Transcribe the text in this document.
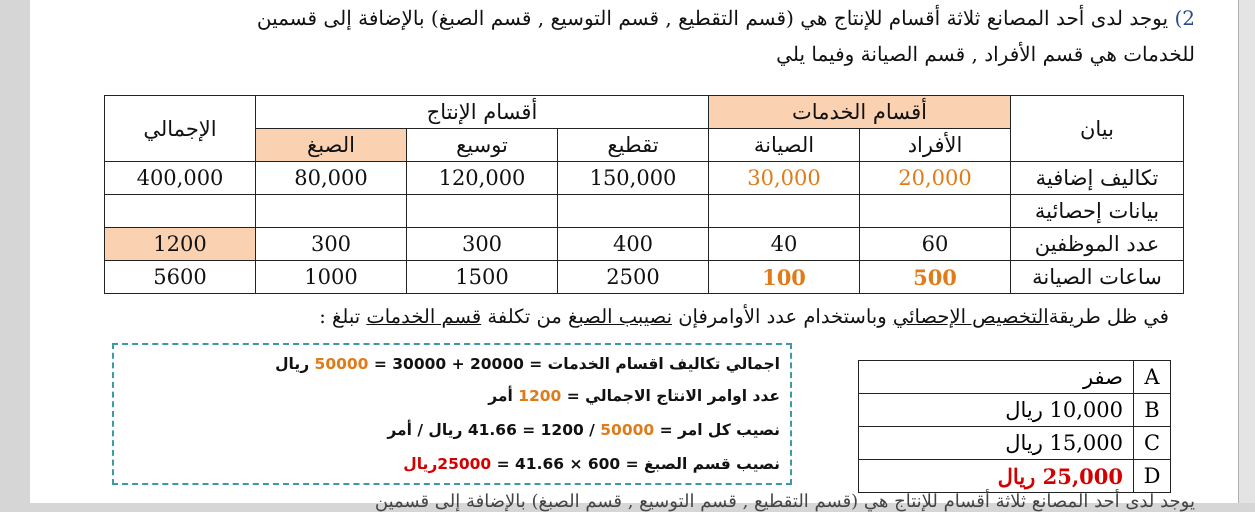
2) يوجد لدى أحد المصانع ثلاثة أقسام للإنتاج هي (قسم التقطيع , قسم التوسيع , قسم الصبغ) بالإضافة إلى قسمين
للخدمات هي قسم الأفراد , قسم الصيانة وفيما يلي
بيان	أقسام الخدمات		أقسام الإنتاج			الإجمالي
	الأفراد	الصيانة	تقطيع	توسيع	الصبغ	
تكاليف إضافية	20,000	30,000	150,000	120,000	80,000	400,000
بيانات إحصائية						
عدد الموظفين	60	40	400	300	300	1200
ساعات الصيانة	500	100	2500	1500	1000	5600
في ظل طريقةالتخصيص الإحصائي وباستخدام عدد الأوامرفإن نصيبب الصبغ من تكلفة قسم الخدمات تبلغ :
اجمالي تكاليف اقسام الخدمات = 20000 + 30000 = 50000 ريال
عدد اوامر الانتاج الاجمالي = 1200 أمر
نصيب كل امر = 50000 / 1200 = 41.66 ريال / أمر
نصيب قسم الصبغ = 600 × 41.66 = 25000ريال
صفر	A
10,000 ريال	B
15,000 ريال	C
25,000 ريال	D
يوجد لدى أحد المصانع ثلاثة أقسام للإنتاج هي (قسم التقطيع , قسم التوسيع , قسم الصبغ) بالإضافة إلى قسمين
